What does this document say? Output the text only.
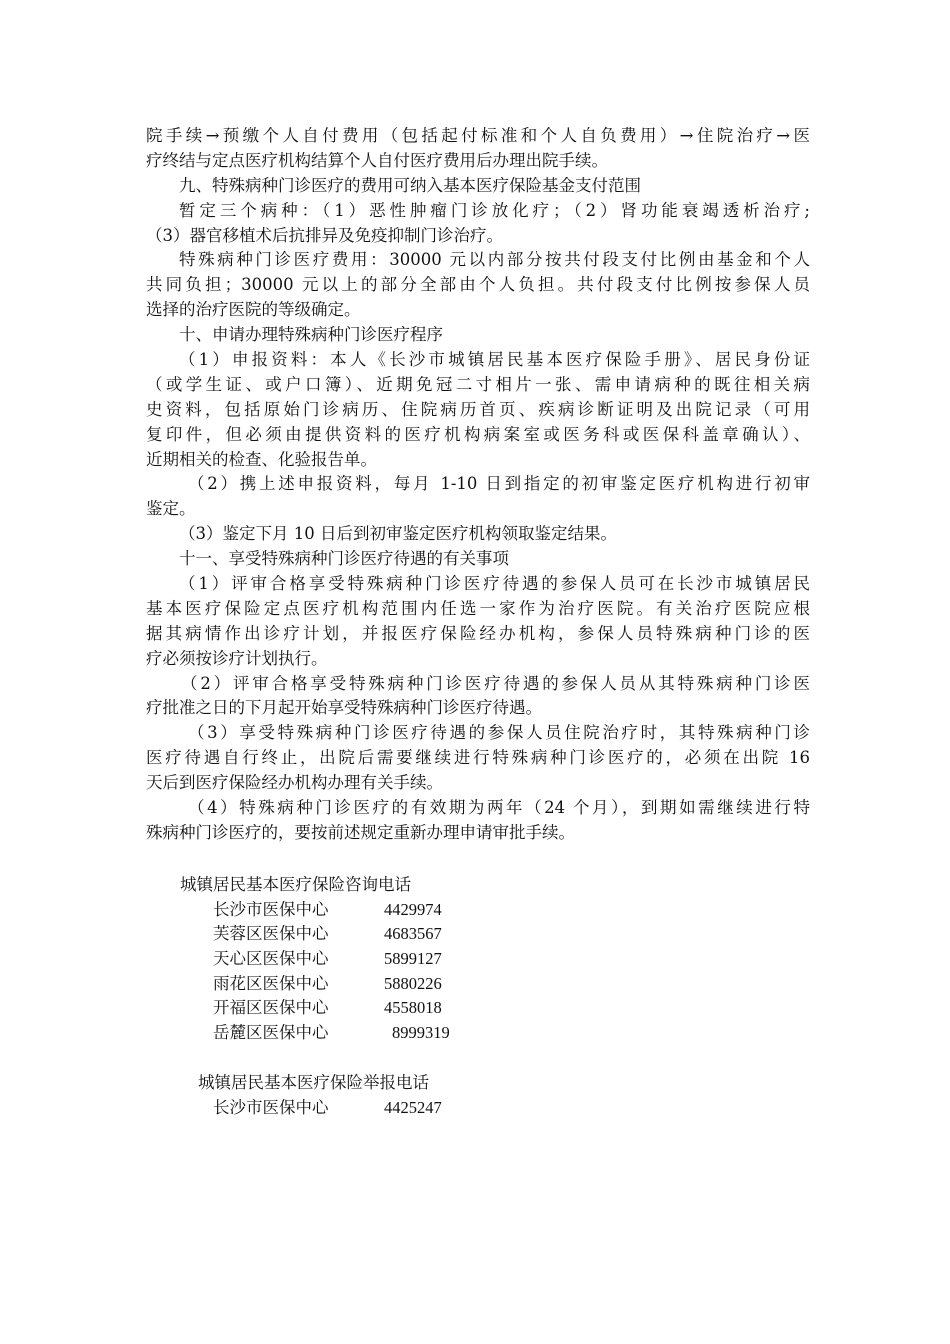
院手续→预缴个人自付费用（包括起付标准和个人自负费用）→住院治疗→医
疗终结与定点医疗机构结算个人自付医疗费用后办理出院手续。
九、特殊病种门诊医疗的费用可纳入基本医疗保险基金支付范围
暂定三个病种：（1）恶性肿瘤门诊放化疗；（2）肾功能衰竭透析治疗;
（3）器官移植术后抗排异及免疫抑制门诊治疗。
特殊病种门诊医疗费用：30000 元以内部分按共付段支付比例由基金和个人
共同负担；30000 元以上的部分全部由个人负担。共付段支付比例按参保人员
选择的治疗医院的等级确定。
十、申请办理特殊病种门诊医疗程序
（1）申报资料：本人《长沙市城镇居民基本医疗保险手册》、居民身份证
（或学生证、或户口簿）、近期免冠二寸相片一张、需申请病种的既往相关病
史资料，包括原始门诊病历、住院病历首页、疾病诊断证明及出院记录（可用
复印件，但必须由提供资料的医疗机构病案室或医务科或医保科盖章确认）、
近期相关的检查、化验报告单。
（2）携上述申报资料，每月 1-10 日到指定的初审鉴定医疗机构进行初审
鉴定。
（3）鉴定下月 10 日后到初审鉴定医疗机构领取鉴定结果。
十一、享受特殊病种门诊医疗待遇的有关事项
（1）评审合格享受特殊病种门诊医疗待遇的参保人员可在长沙市城镇居民
基本医疗保险定点医疗机构范围内任选一家作为治疗医院。有关治疗医院应根
据其病情作出诊疗计划，并报医疗保险经办机构，参保人员特殊病种门诊的医
疗必须按诊疗计划执行。
（2）评审合格享受特殊病种门诊医疗待遇的参保人员从其特殊病种门诊医
疗批准之日的下月起开始享受特殊病种门诊医疗待遇。
（3）享受特殊病种门诊医疗待遇的参保人员住院治疗时，其特殊病种门诊
医疗待遇自行终止，出院后需要继续进行特殊病种门诊医疗的，必须在出院 16
天后到医疗保险经办机构办理有关手续。
（4）特殊病种门诊医疗的有效期为两年（24 个月），到期如需继续进行特
殊病种门诊医疗的，要按前述规定重新办理申请审批手续。
城镇居民基本医疗保险咨询电话
长沙市医保中心	4429974
芙蓉区医保中心	4683567
天心区医保中心	5899127
雨花区医保中心	5880226
开福区医保中心	4558018
岳麓区医保中心	8999319
城镇居民基本医疗保险举报电话
长沙市医保中心	4425247
